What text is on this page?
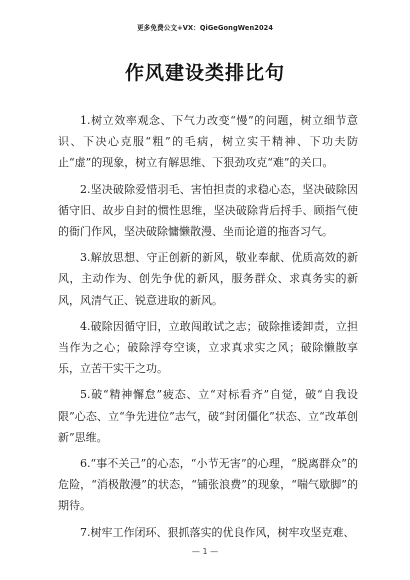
更多免费公文+VX：QiGeGongWen2024
作风建设类排比句

1.树立效率观念、下气力改变“慢”的问题，树立细节意识、下决心克服“粗”的毛病，树立实干精神、下功夫防止“虚”的现象，树立有解思维、下狠劲攻克“难”的关口。

2.坚决破除爱惜羽毛、害怕担责的求稳心态，坚决破除因循守旧、故步自封的惯性思维，坚决破除背后捋手、顾指气使的衙门作风，坚决破除慵懒散漫、坐而论道的拖沓习气。

3.解放思想、守正创新的新风，敬业奉献、优质高效的新风，主动作为、创先争优的新风，服务群众、求真务实的新风，风清气正、锐意进取的新风。

4.破除因循守旧，立敢闯敢试之志；破除推诿卸责，立担当作为之心；破除浮夸空谈，立求真求实之风；破除懒散享乐，立苦干实干之功。

5.破“精神懈怠”疲态、立“对标看齐”自觉，破“自我设限”心态、立“争先进位”志气，破“封闭僵化”状态、立“改革创新”思维。

6.“事不关己”的心态，“小节无害”的心理，“脱离群众”的危险，“消极散漫”的状态，“铺张浪费”的现象，“喘气歇脚”的期待。

7.树牢工作闭环、狠抓落实的优良作风，树牢攻坚克难、

— 1 —
